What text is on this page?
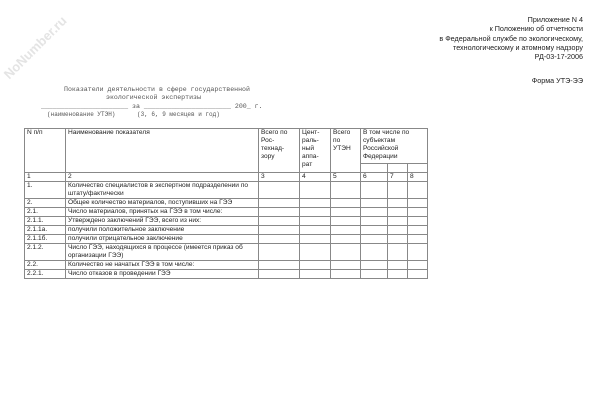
NoNumber.ru	Приложение N 4
к Положению об отчетности
в Федеральной службе по экологическому,
технологическому и атомному надзору
РД-03-17-2006
Форма УТЭ-ЭЭ
Показатели деятельности в сфере государственной
экологической экспертизы
______________________ за ______________________ 200_ г.
(наименование УТЭН)      (3, 6, 9 месяцев и год)
N п/п	Наименование показателя	Всего по Рос-технад-зору	Цент-раль-ный аппа-рат	Всего по УТЭН	В том числе по субъектам Российской Федерации		

1	2	3	4	5	6	7	8
1.	Количество специалистов в экспертном подразделении по штату/фактически						
2.	Общее количество материалов, поступивших на ГЭЭ						
2.1.	Число материалов, принятых на ГЭЭ в том числе:						
2.1.1.	Утверждено заключений ГЭЭ, всего из них:						
2.1.1а.	получили положительное заключение						
2.1.1б.	получили отрицательное заключение						
2.1.2.	Число ГЭЭ, находящихся в процессе (имеется приказ об организации ГЭЭ)						
2.2.	Количество не начатых ГЭЭ в том числе:						
2.2.1.	Число отказов в проведении ГЭЭ						
